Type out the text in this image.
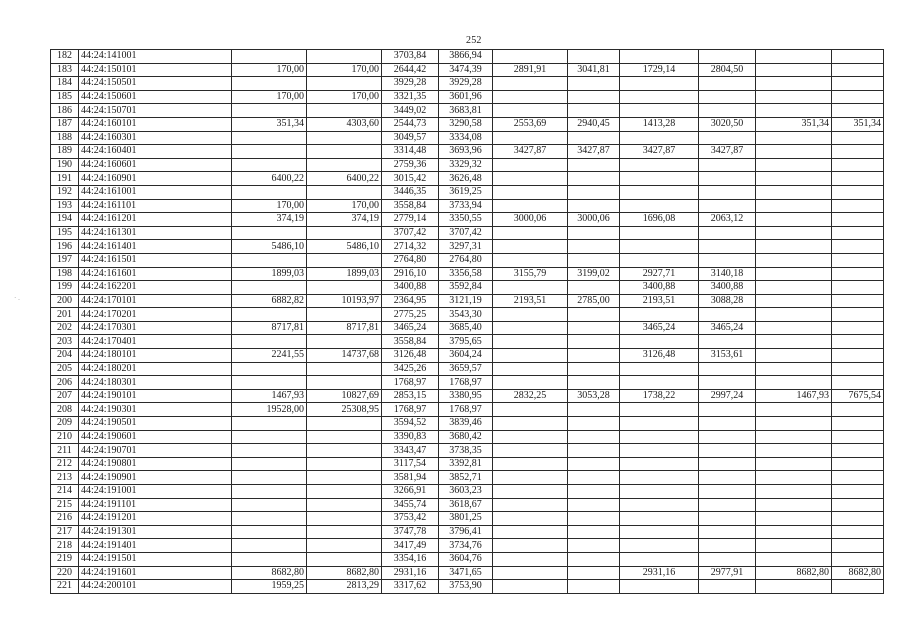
252
· .
182	44:24:141001			3703,84	3866,94						
183	44:24:150101	170,00	170,00	2644,42	3474,39	2891,91	3041,81	1729,14	2804,50		
184	44:24:150501			3929,28	3929,28						
185	44:24:150601	170,00	170,00	3321,35	3601,96						
186	44:24:150701			3449,02	3683,81						
187	44:24:160101	351,34	4303,60	2544,73	3290,58	2553,69	2940,45	1413,28	3020,50	351,34	351,34
188	44:24:160301			3049,57	3334,08						
189	44:24:160401			3314,48	3693,96	3427,87	3427,87	3427,87	3427,87		
190	44:24:160601			2759,36	3329,32						
191	44:24:160901	6400,22	6400,22	3015,42	3626,48						
192	44:24:161001			3446,35	3619,25						
193	44:24:161101	170,00	170,00	3558,84	3733,94						
194	44:24:161201	374,19	374,19	2779,14	3350,55	3000,06	3000,06	1696,08	2063,12		
195	44:24:161301			3707,42	3707,42						
196	44:24:161401	5486,10	5486,10	2714,32	3297,31						
197	44:24:161501			2764,80	2764,80						
198	44:24:161601	1899,03	1899,03	2916,10	3356,58	3155,79	3199,02	2927,71	3140,18		
199	44:24:162201			3400,88	3592,84			3400,88	3400,88		
200	44:24:170101	6882,82	10193,97	2364,95	3121,19	2193,51	2785,00	2193,51	3088,28		
201	44:24:170201			2775,25	3543,30						
202	44:24:170301	8717,81	8717,81	3465,24	3685,40			3465,24	3465,24		
203	44:24:170401			3558,84	3795,65						
204	44:24:180101	2241,55	14737,68	3126,48	3604,24			3126,48	3153,61		
205	44:24:180201			3425,26	3659,57						
206	44:24:180301			1768,97	1768,97						
207	44:24:190101	1467,93	10827,69	2853,15	3380,95	2832,25	3053,28	1738,22	2997,24	1467,93	7675,54
208	44:24:190301	19528,00	25308,95	1768,97	1768,97						
209	44:24:190501			3594,52	3839,46						
210	44:24:190601			3390,83	3680,42						
211	44:24:190701			3343,47	3738,35						
212	44:24:190801			3117,54	3392,81						
213	44:24:190901			3581,94	3852,71						
214	44:24:191001			3266,91	3603,23						
215	44:24:191101			3455,74	3618,67						
216	44:24:191201			3753,42	3801,25						
217	44:24:191301			3747,78	3796,41						
218	44:24:191401			3417,49	3734,76						
219	44:24:191501			3354,16	3604,76						
220	44:24:191601	8682,80	8682,80	2931,16	3471,65			2931,16	2977,91	8682,80	8682,80
221	44:24:200101	1959,25	2813,29	3317,62	3753,90						
